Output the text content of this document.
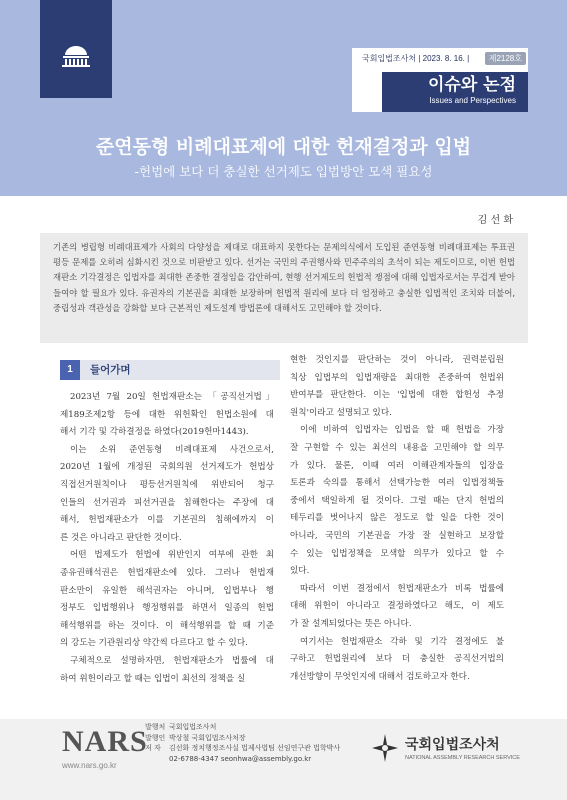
국회입법조사처 | 2023. 8. 16. |	제2128호
이슈와 논점
Issues and Perspectives
준연동형 비례대표제에 대한 헌재결정과 입법
-헌법에 보다 더 충실한 선거제도 입법방안 모색 필요성
김 선 화
기존의 병립형 비례대표제가 사회의 다양성을 제대로 대표하지 못한다는 문제의식에서 도입된 준연동형 비례대표제는 투표권 평등 문제를 오히려 심화시킨 것으로 비판받고 있다. 선거는 국민의 주권행사와 민주주의의 초석이 되는 제도이므로, 이번 헌법재판소 기각결정은 입법자를 최대한 존중한 결정임을 감안하여, 현행 선거제도의 헌법적 쟁점에 대해 입법자로서는 무겁게 받아들여야 할 필요가 있다. 유권자의 기본권을 최대한 보장하며 헌법적 원리에 보다 더 엄정하고 충실한 입법적인 조치와 더불어, 중립성과 객관성을 강화할 보다 근본적인 제도설계 방법론에 대해서도 고민해야 할 것이다.
1	들어가며
2023년 7월 20일 헌법재판소는 「공직선거법」
제189조제2항 등에 대한 위헌확인 헌법소원에 대
해서 기각 및 각하결정을 하였다(2019헌마1443).
이는 소위 준연동형 비례대표제 사건으로서,
2020년 1월에 개정된 국회의원 선거제도가 헌법상
직접선거원칙이나 평등선거원칙에 위반되어 청구
인들의 선거권과 피선거권을 침해한다는 주장에 대
해서, 헌법재판소가 이를 기본권의 침해에까지 이
른 것은 아니라고 판단한 것이다.
어떤 법제도가 헌법에 위반인지 여부에 관한 최
종유권해석권은 헌법재판소에 있다. 그러나 헌법재
판소만이 유일한 해석권자는 아니며, 입법부나 행
정부도 입법행위나 행정행위를 하면서 일종의 헌법
해석행위를 하는 것이다. 이 해석행위를 할 때 기준
의 강도는 기관원리상 약간씩 다르다고 할 수 있다.
구체적으로 설명하자면, 헌법재판소가 법률에 대
하여 위헌이라고 할 때는 입법이 최선의 정책을 실
현한 것인지를 판단하는 것이 아니라, 권력분립원
칙상 입법부의 입법재량을 최대한 존중하여 헌법위
반여부를 판단한다. 이는 '입법에 대한 합헌성 추정
원칙'이라고 설명되고 있다.
이에 비하여 입법자는 입법을 할 때 헌법을 가장
잘 구현할 수 있는 최선의 내용을 고민해야 할 의무
가 있다. 물론, 이때 여러 이해관계자들의 입장을
토론과 숙의를 통해서 선택가능한 여러 입법정책들
중에서 택일하게 될 것이다. 그럴 때는 단지 헌법의
테두리를 벗어나지 않은 정도로 할 일을 다한 것이
아니라, 국민의 기본권을 가장 잘 실현하고 보장할
수 있는 입법정책을 모색할 의무가 있다고 할 수
있다.
따라서 이번 결정에서 헌법재판소가 비록 법률에
대해 위헌이 아니라고 결정하였다고 해도, 이 제도
가 잘 설계되었다는 뜻은 아니다.
여기서는 헌법재판소 각하 및 기각 결정에도 불
구하고 헌법원리에 보다 더 충실한 공직선거법의
개선방향이 무엇인지에 대해서 검토하고자 한다.
NARS
www.nars.go.kr
발행처 국회입법조사처
발행인 박상철 국회입법조사처장
저 자 김선화 정치행정조사실 법제사법팀 선임연구관 법학박사
02-6788-4347 seonhwa@assembly.go.kr
국회입법조사처
NATIONAL ASSEMBLY RESEARCH SERVICE
